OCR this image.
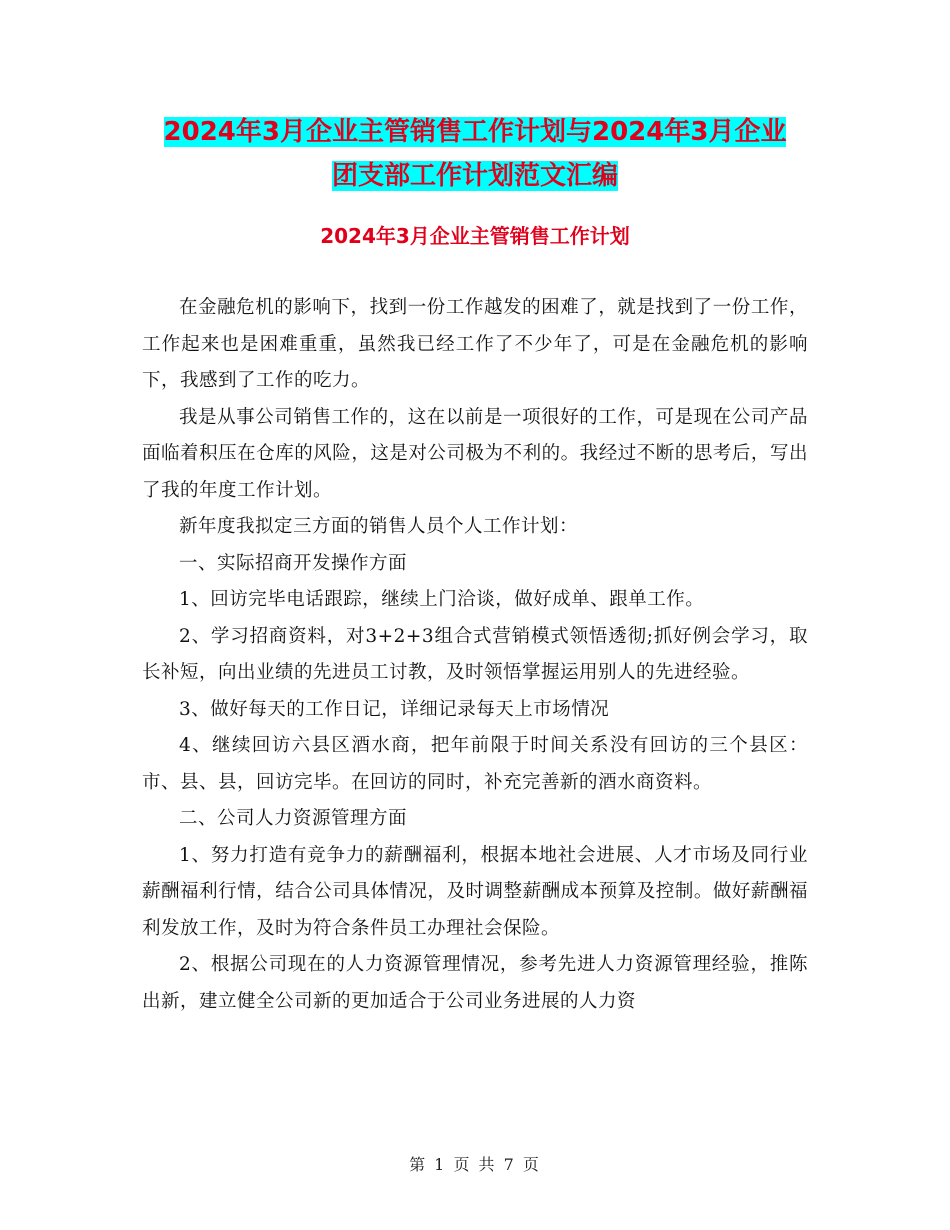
2024年3月企业主管销售工作计划与2024年3月企业
团支部工作计划范文汇编
2024年3月企业主管销售工作计划

在金融危机的影响下，找到一份工作越发的困难了，就是找到了一份工作，工作起来也是困难重重，虽然我已经工作了不少年了，可是在金融危机的影响下，我感到了工作的吃力。

我是从事公司销售工作的，这在以前是一项很好的工作，可是现在公司产品面临着积压在仓库的风险，这是对公司极为不利的。我经过不断的思考后，写出了我的年度工作计划。

新年度我拟定三方面的销售人员个人工作计划：

一、实际招商开发操作方面

1、回访完毕电话跟踪，继续上门洽谈，做好成单、跟单工作。

2、学习招商资料，对3+2+3组合式营销模式领悟透彻;抓好例会学习，取长补短，向出业绩的先进员工讨教，及时领悟掌握运用别人的先进经验。

3、做好每天的工作日记，详细记录每天上市场情况

4、继续回访六县区酒水商，把年前限于时间关系没有回访的三个县区：市、县、县，回访完毕。在回访的同时，补充完善新的酒水商资料。

二、公司人力资源管理方面

1、努力打造有竞争力的薪酬福利，根据本地社会进展、人才市场及同行业薪酬福利行情，结合公司具体情况，及时调整薪酬成本预算及控制。做好薪酬福利发放工作，及时为符合条件员工办理社会保险。

2、根据公司现在的人力资源管理情况，参考先进人力资源管理经验，推陈出新，建立健全公司新的更加适合于公司业务进展的人力资

第 1 页 共 7 页
